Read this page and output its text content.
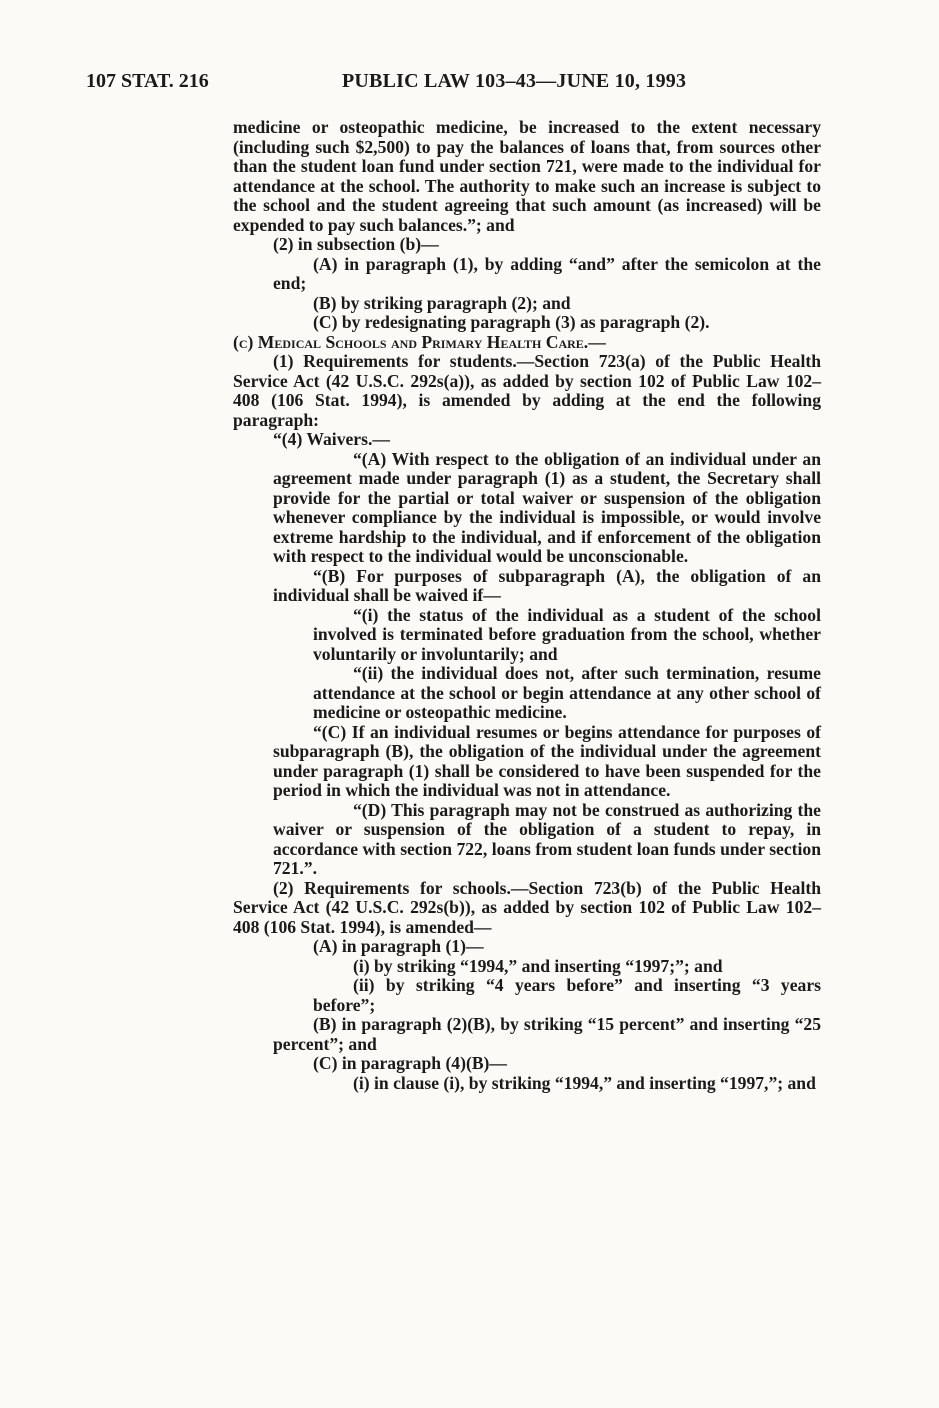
107 STAT. 216	PUBLIC LAW 103–43—JUNE 10, 1993

medicine or osteopathic medicine, be increased to the extent necessary (including such $2,500) to pay the balances of loans that, from sources other than the student loan fund under section 721, were made to the individual for attendance at the school. The authority to make such an increase is subject to the school and the student agreeing that such amount (as increased) will be expended to pay such balances.”; and

(2) in subsection (b)—

(A) in paragraph (1), by adding “and” after the semicolon at the end;

(B) by striking paragraph (2); and

(C) by redesignating paragraph (3) as paragraph (2).

(c) Medical Schools and Primary Health Care.—

(1) Requirements for students.—Section 723(a) of the Public Health Service Act (42 U.S.C. 292s(a)), as added by section 102 of Public Law 102–408 (106 Stat. 1994), is amended by adding at the end the following paragraph:

“(4) Waivers.—

“(A) With respect to the obligation of an individual under an agreement made under paragraph (1) as a student, the Secretary shall provide for the partial or total waiver or suspension of the obligation whenever compliance by the individual is impossible, or would involve extreme hardship to the individual, and if enforcement of the obligation with respect to the individual would be unconscionable.

“(B) For purposes of subparagraph (A), the obligation of an individual shall be waived if—

“(i) the status of the individual as a student of the school involved is terminated before graduation from the school, whether voluntarily or involuntarily; and

“(ii) the individual does not, after such termination, resume attendance at the school or begin attendance at any other school of medicine or osteopathic medicine.

“(C) If an individual resumes or begins attendance for purposes of subparagraph (B), the obligation of the individual under the agreement under paragraph (1) shall be considered to have been suspended for the period in which the individual was not in attendance.

“(D) This paragraph may not be construed as authorizing the waiver or suspension of the obligation of a student to repay, in accordance with section 722, loans from student loan funds under section 721.”.

(2) Requirements for schools.—Section 723(b) of the Public Health Service Act (42 U.S.C. 292s(b)), as added by section 102 of Public Law 102–408 (106 Stat. 1994), is amended—

(A) in paragraph (1)—

(i) by striking “1994,” and inserting “1997;”; and

(ii) by striking “4 years before” and inserting “3 years before”;

(B) in paragraph (2)(B), by striking “15 percent” and inserting “25 percent”; and

(C) in paragraph (4)(B)—

(i) in clause (i), by striking “1994,” and inserting “1997,”; and
